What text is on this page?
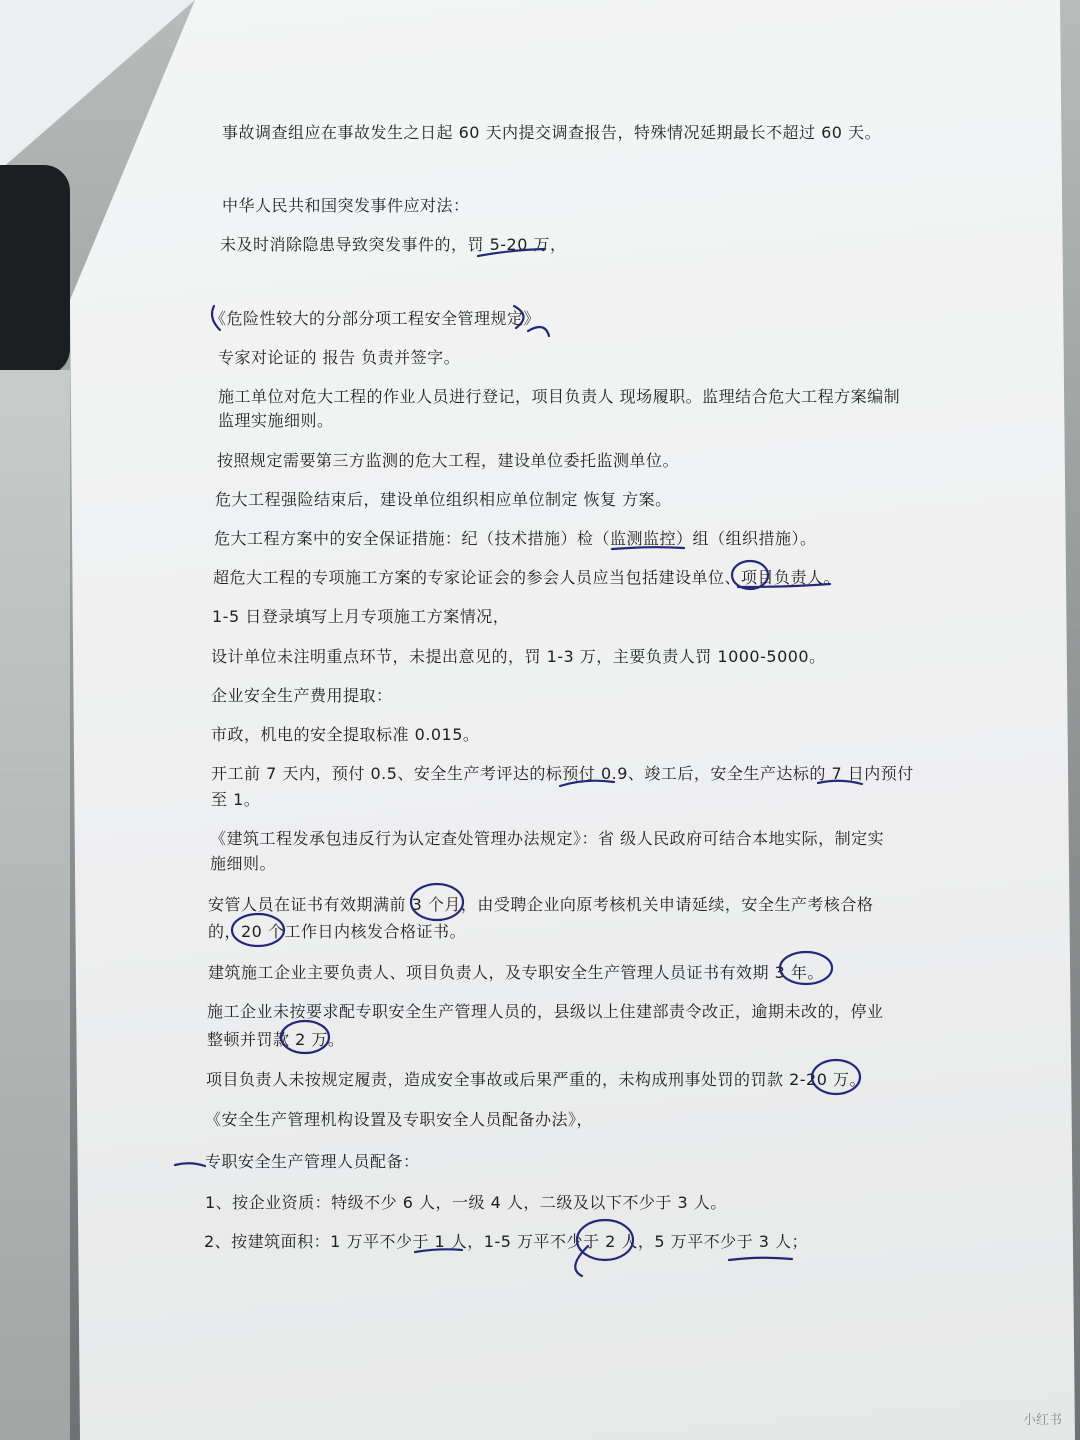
事故调查组应在事故发生之日起 60 天内提交调查报告，特殊情况延期最长不超过 60 天。
中华人民共和国突发事件应对法：
未及时消除隐患导致突发事件的，罚 5-20 万，
《危险性较大的分部分项工程安全管理规定》
专家对论证的 报告 负责并签字。
施工单位对危大工程的作业人员进行登记，项目负责人 现场履职。监理结合危大工程方案编制
监理实施细则。
按照规定需要第三方监测的危大工程，建设单位委托监测单位。
危大工程强险结束后，建设单位组织相应单位制定 恢复 方案。
危大工程方案中的安全保证措施：纪（技术措施）检（监测监控）组（组织措施）。
超危大工程的专项施工方案的专家论证会的参会人员应当包括建设单位、项目负责人。
1-5 日登录填写上月专项施工方案情况，
设计单位未注明重点环节，未提出意见的，罚 1-3 万，主要负责人罚 1000-5000。
企业安全生产费用提取：
市政，机电的安全提取标准 0.015。
开工前 7 天内，预付 0.5、安全生产考评达的标预付 0.9、竣工后，安全生产达标的 7 日内预付
至 1。
《建筑工程发承包违反行为认定查处管理办法规定》：省 级人民政府可结合本地实际，制定实
施细则。
安管人员在证书有效期满前 3 个月，由受聘企业向原考核机关申请延续，安全生产考核合格
的，20 个工作日内核发合格证书。
建筑施工企业主要负责人、项目负责人，及专职安全生产管理人员证书有效期 3 年。
施工企业未按要求配专职安全生产管理人员的，县级以上住建部责令改正，逾期未改的，停业
整顿并罚款 2 万。
项目负责人未按规定履责，造成安全事故或后果严重的，未构成刑事处罚的罚款 2-20 万。
《安全生产管理机构设置及专职安全人员配备办法》，
专职安全生产管理人员配备：
1、按企业资质：特级不少 6 人，一级 4 人，二级及以下不少于 3 人。
2、按建筑面积：1 万平不少于 1 人，1-5 万平不少于 2 人，5 万平不少于 3 人；
小红书
